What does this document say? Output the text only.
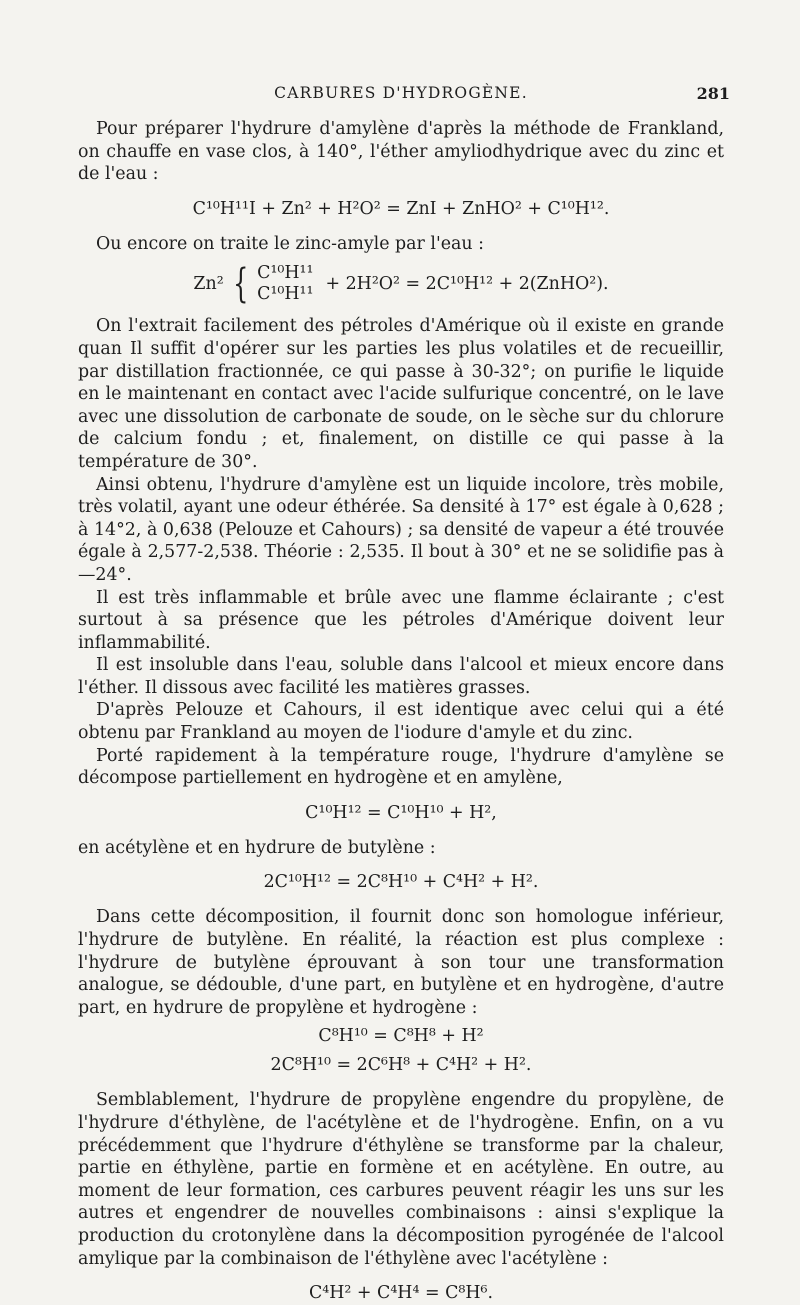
CARBURES D'HYDROGÈNE.	281

Pour préparer l'hydrure d'amylène d'après la méthode de Frankland, on chauffe en vase clos, à 140°, l'éther amyliodhydrique avec du zinc et de l'eau :

C¹⁰H¹¹I + Zn² + H²O² = ZnI + ZnHO² + C¹⁰H¹².

Ou encore on traite le zinc-amyle par l'eau :

Zn² { C¹⁰H¹¹
C¹⁰H¹¹ + 2H²O² = 2C¹⁰H¹² + 2(ZnHO²).

On l'extrait facilement des pétroles d'Amérique où il existe en grande quan Il suffit d'opérer sur les parties les plus volatiles et de recueillir, par distillation fractionnée, ce qui passe à 30-32°; on purifie le liquide en le maintenant en contact avec l'acide sulfurique concentré, on le lave avec une dissolution de carbonate de soude, on le sèche sur du chlorure de calcium fondu ; et, finalement, on distille ce qui passe à la température de 30°.

Ainsi obtenu, l'hydrure d'amylène est un liquide incolore, très mobile, très volatil, ayant une odeur éthérée. Sa densité à 17° est égale à 0,628 ; à 14°2, à 0,638 (Pelouze et Cahours) ; sa densité de vapeur a été trouvée égale à 2,577-2,538. Théorie : 2,535. Il bout à 30° et ne se solidifie pas à —24°.

Il est très inflammable et brûle avec une flamme éclairante ; c'est surtout à sa présence que les pétroles d'Amérique doivent leur inflammabilité.

Il est insoluble dans l'eau, soluble dans l'alcool et mieux encore dans l'éther. Il dissous avec facilité les matières grasses.

D'après Pelouze et Cahours, il est identique avec celui qui a été obtenu par Frankland au moyen de l'iodure d'amyle et du zinc.

Porté rapidement à la température rouge, l'hydrure d'amylène se décompose partiellement en hydrogène et en amylène,

C¹⁰H¹² = C¹⁰H¹⁰ + H²,

en acétylène et en hydrure de butylène :

2C¹⁰H¹² = 2C⁸H¹⁰ + C⁴H² + H².

Dans cette décomposition, il fournit donc son homologue inférieur, l'hydrure de butylène. En réalité, la réaction est plus complexe : l'hydrure de butylène éprouvant à son tour une transformation analogue, se dédouble, d'une part, en butylène et en hydrogène, d'autre part, en hydrure de propylène et hydrogène :

C⁸H¹⁰ = C⁸H⁸ + H²
2C⁸H¹⁰ = 2C⁶H⁸ + C⁴H² + H².

Semblablement, l'hydrure de propylène engendre du propylène, de l'hydrure d'éthylène, de l'acétylène et de l'hydrogène. Enfin, on a vu précédemment que l'hydrure d'éthylène se transforme par la chaleur, partie en éthylène, partie en formène et en acétylène. En outre, au moment de leur formation, ces carbures peuvent réagir les uns sur les autres et engendrer de nouvelles combinaisons : ainsi s'explique la production du crotonylène dans la décomposition pyrogénée de l'alcool amylique par la combinaison de l'éthylène avec l'acétylène :

C⁴H² + C⁴H⁴ = C⁸H⁶.
